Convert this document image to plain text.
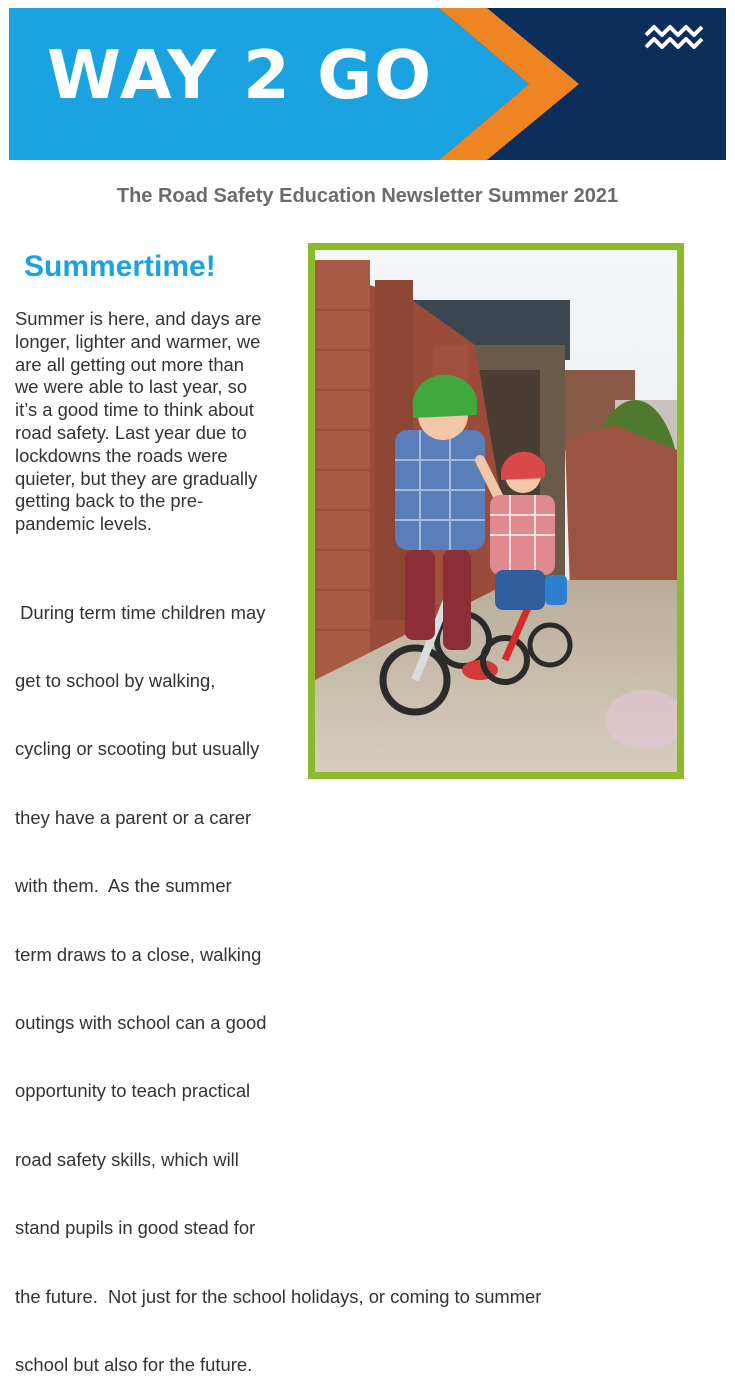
WAY 2 GO
The Road Safety Education Newsletter Summer 2021
Summertime!

Summer is here, and days are
longer, lighter and warmer, we
are all getting out more than
we were able to last year, so
it’s a good time to think about
road safety. Last year due to
lockdowns the roads were
quieter, but they are gradually
getting back to the pre-
pandemic levels.

During term time children may

get to school by walking,

cycling or scooting but usually

they have a parent or a carer

with them.  As the summer

term draws to a close, walking

outings with school can a good

opportunity to teach practical

road safety skills, which will

stand pupils in good stead for

the future.  Not just for the school holidays, or coming to summer

school but also for the future.
